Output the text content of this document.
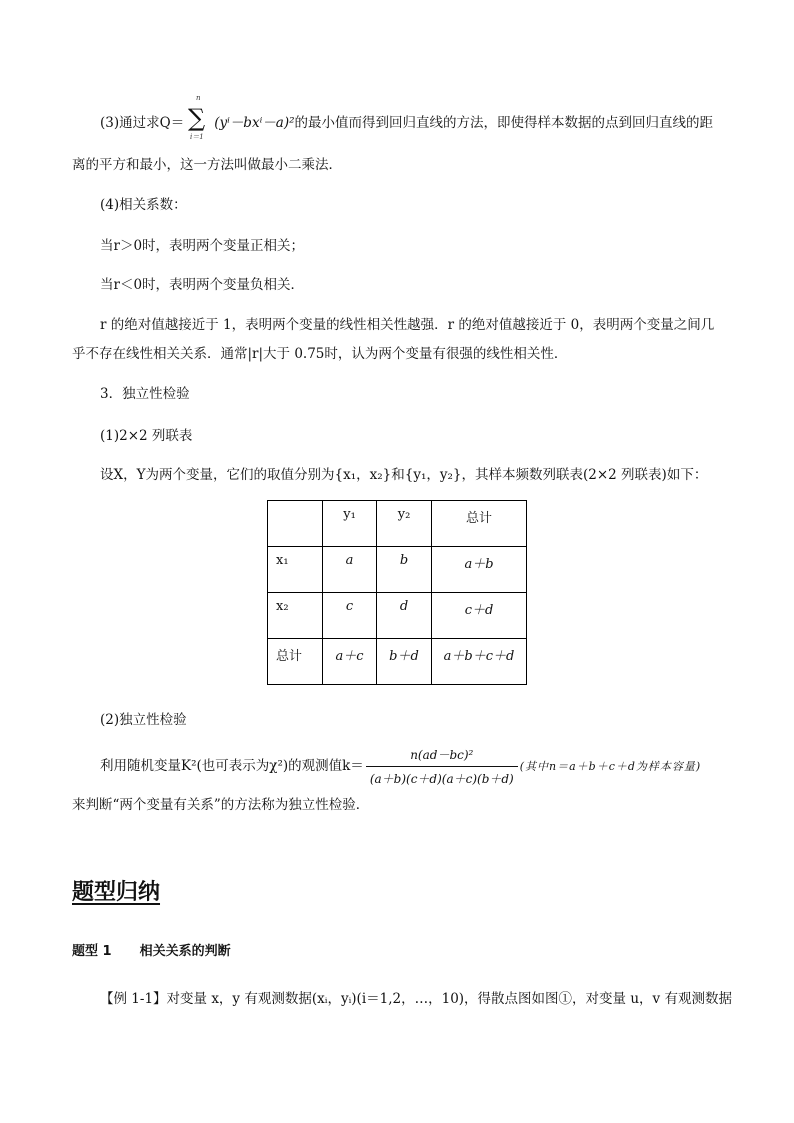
n
∑
i＝1
(3)通过求Q＝ (yⁱ－bxⁱ－a)²的最小值而得到回归直线的方法，即使得样本数据的点到回归直线的距
离的平方和最小，这一方法叫做最小二乘法．
(4)相关系数：
当r＞0时，表明两个变量正相关；
当r＜0时，表明两个变量负相关．
r 的绝对值越接近于 1，表明两个变量的线性相关性越强．r 的绝对值越接近于 0，表明两个变量之间几
乎不存在线性相关关系．通常|r|大于 0.75时，认为两个变量有很强的线性相关性．
3．独立性检验
(1)2×2 列联表
设X，Y为两个变量，它们的取值分别为{x₁，x₂}和{y₁，y₂}，其样本频数列联表(2×2 列联表)如下：
	y₁	y₂	总计
x₁	a	b	a＋b
x₂	c	d	c＋d
总计	a＋c	b＋d	a＋b＋c＋d
(2)独立性检验
利用随机变量K²(也可表示为χ²)的观测值$k= \frac{\text{n(ad－bc)²}}{(a+b)(c+d)(a+c)(b+d)}$ (其中n＝a＋b＋c＋d为样本容量)
来判断“两个变量有关系”的方法称为独立性检验．
题型归纳
题型 1 相关关系的判断
【例 1-1】对变量 x，y 有观测数据(xᵢ，yᵢ)(i＝1,2，…，10)，得散点图如图①，对变量 u，v 有观测数据
